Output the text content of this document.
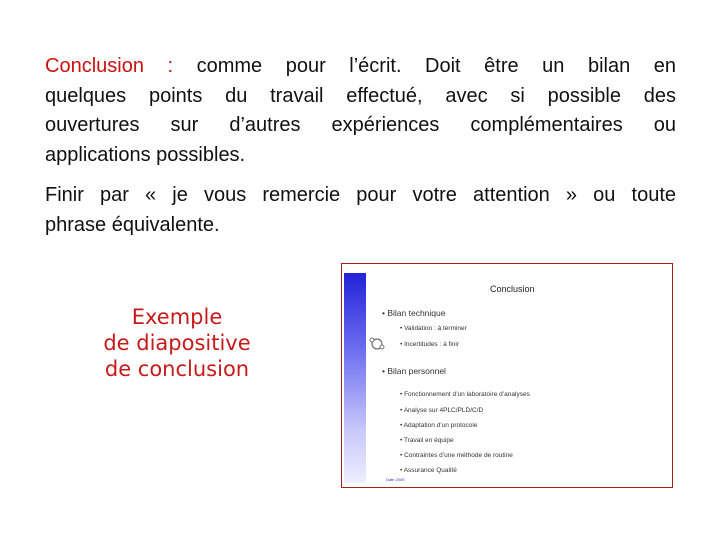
Conclusion : comme pour l’écrit. Doit être un bilan en
quelques points du travail effectué, avec si possible des
ouvertures sur d’autres expériences complémentaires ou
applications possibles.
Finir par « je vous remercie pour votre attention » ou toute
phrase équivalente.
Exemple
de diapositive
de conclusion
Conclusion
• Bilan technique
• Validation : à terminer
• Incertitudes : à finir
• Bilan personnel
• Fonctionnement d’un laboratoire d’analyses
• Analyse sur 4PLC/PLD/C/D
• Adaptation d’un protocole
• Travail en équipe
• Contraintes d’une méthode de routine
• Assurance Qualité
Date 2005
